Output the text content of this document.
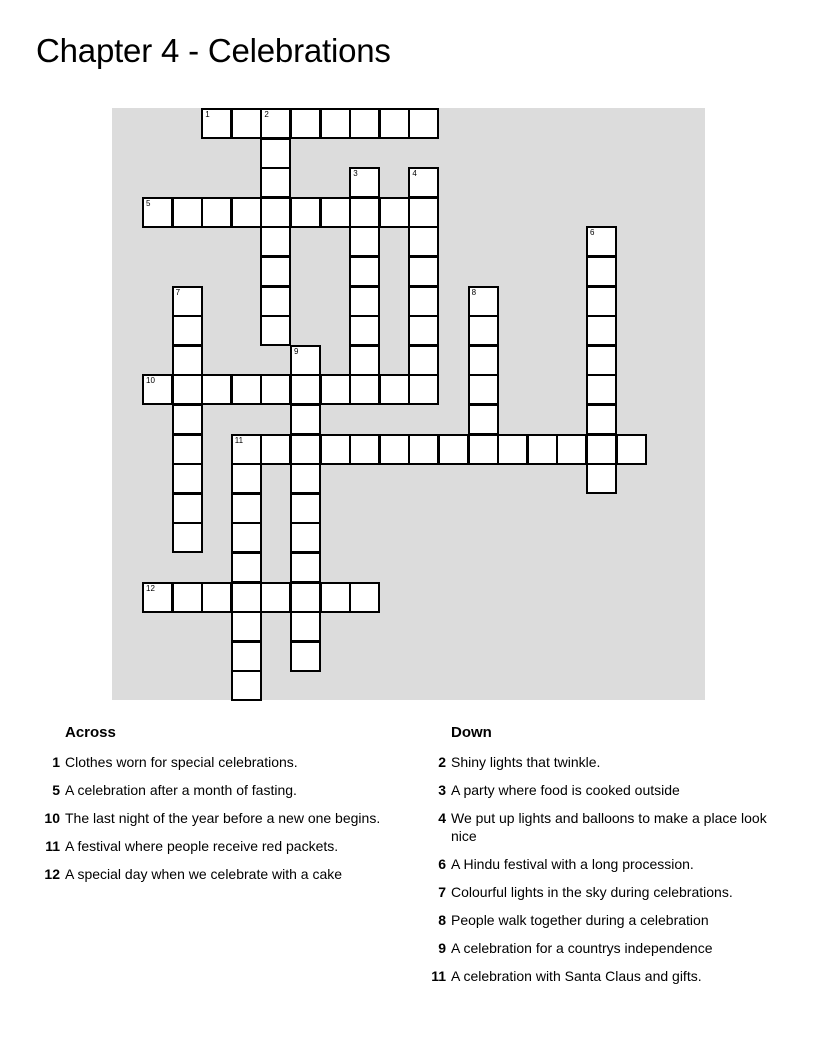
Chapter 4 - Celebrations
1	2
3	4
5
6
7	8
9
10
11
12
Across
1 Clothes worn for special celebrations.
5 A celebration after a month of fasting.
10 The last night of the year before a new one begins.
11 A festival where people receive red packets.
12 A special day when we celebrate with a cake
Down
2 Shiny lights that twinkle.
3 A party where food is cooked outside
4 We put up lights and balloons to make a place look nice
6 A Hindu festival with a long procession.
7 Colourful lights in the sky during celebrations.
8 People walk together during a celebration
9 A celebration for a countrys independence
11 A celebration with Santa Claus and gifts.
